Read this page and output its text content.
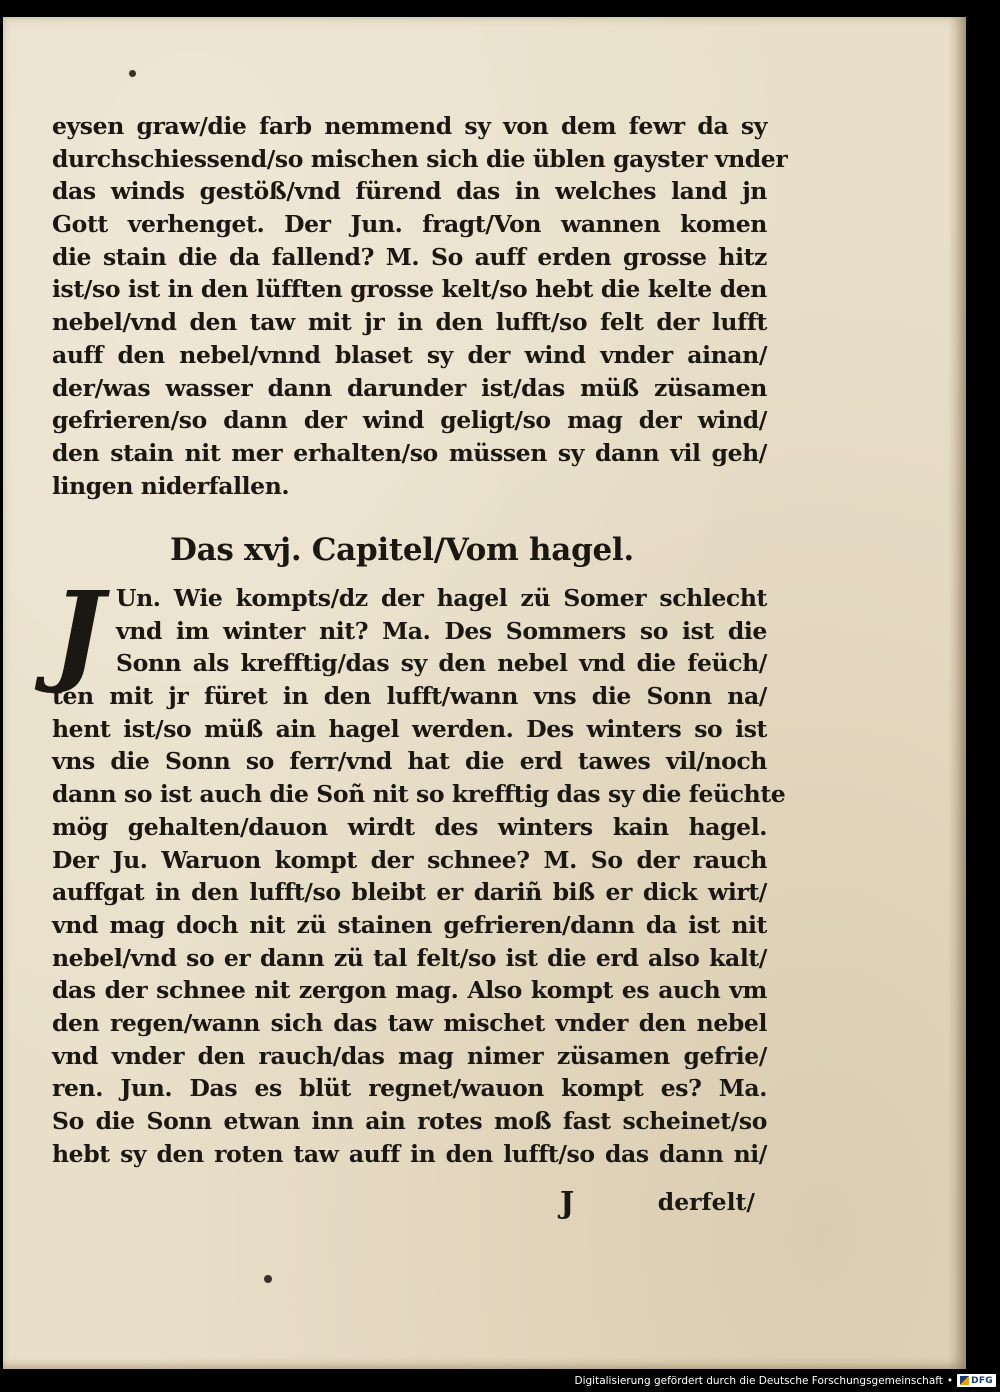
eysen graw/die farb nemmend sy von dem fewr da sy
durchschiessend/so mischen sich die üblen gayster vnder
das winds gestöß/vnd fürend das in welches land jn
Gott verhenget. Der Jun. fragt/Von wannen komen
die stain die da fallend? M. So auff erden grosse hitz
ist/so ist in den lüfften grosse kelt/so hebt die kelte den
nebel/vnd den taw mit jr in den lufft/so felt der lufft
auff den nebel/vnnd blaset sy der wind vnder ainan/
der/was wasser dann darunder ist/das müß züsamen
gefrieren/so dann der wind geligt/so mag der wind/
den stain nit mer erhalten/so müssen sy dann vil geh/
lingen niderfallen.
Das xvj. Capitel/Vom hagel.
J Un. Wie kompts/dz der hagel zü Somer schlecht
vnd im winter nit? Ma. Des Sommers so ist die
Sonn als krefftig/das sy den nebel vnd die feüch/
ten mit jr füret in den lufft/wann vns die Sonn na/
hent ist/so müß ain hagel werden. Des winters so ist
vns die Sonn so ferr/vnd hat die erd tawes vil/noch
dann so ist auch die Soñ nit so krefftig das sy die feüchte
mög gehalten/dauon wirdt des winters kain hagel.
Der Ju. Waruon kompt der schnee? M. So der rauch
auffgat in den lufft/so bleibt er dariñ biß er dick wirt/
vnd mag doch nit zü stainen gefrieren/dann da ist nit
nebel/vnd so er dann zü tal felt/so ist die erd also kalt/
das der schnee nit zergon mag. Also kompt es auch vm
den regen/wann sich das taw mischet vnder den nebel
vnd vnder den rauch/das mag nimer züsamen gefrie/
ren. Jun. Das es blüt regnet/wauon kompt es? Ma.
So die Sonn etwan inn ain rotes moß fast scheinet/so
hebt sy den roten taw auff in den lufft/so das dann ni/
J	derfelt/
Digitalisierung gefördert durch die Deutsche Forschungsgemeinschaft • DFG
